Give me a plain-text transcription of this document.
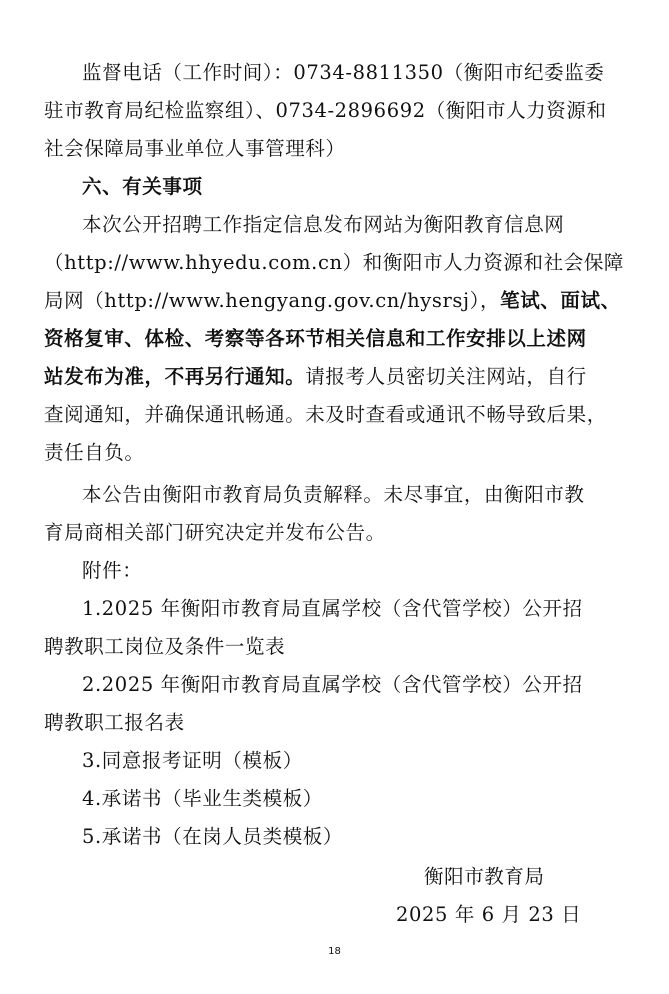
监督电话（工作时间）：0734-8811350（衡阳市纪委监委
驻市教育局纪检监察组）、0734-2896692（衡阳市人力资源和
社会保障局事业单位人事管理科）
六、有关事项
本次公开招聘工作指定信息发布网站为衡阳教育信息网
（http://www.hhyedu.com.cn）和衡阳市人力资源和社会保障
局网（http://www.hengyang.gov.cn/hysrsj），笔试、面试、
资格复审、体检、考察等各环节相关信息和工作安排以上述网
站发布为准，不再另行通知。请报考人员密切关注网站，自行
查阅通知，并确保通讯畅通。未及时查看或通讯不畅导致后果，
责任自负。
本公告由衡阳市教育局负责解释。未尽事宜，由衡阳市教
育局商相关部门研究决定并发布公告。
附件：
1.2025 年衡阳市教育局直属学校（含代管学校）公开招
聘教职工岗位及条件一览表
2.2025 年衡阳市教育局直属学校（含代管学校）公开招
聘教职工报名表
3.同意报考证明（模板）
4.承诺书（毕业生类模板）
5.承诺书（在岗人员类模板）
衡阳市教育局
2025 年 6 月 23 日
18
